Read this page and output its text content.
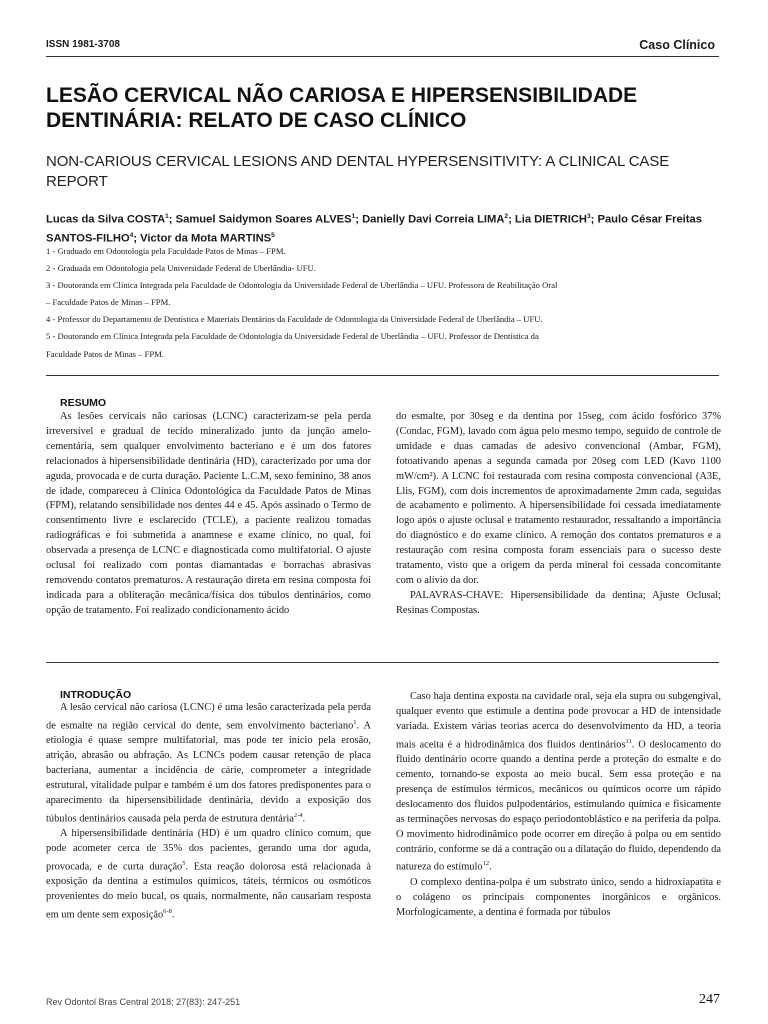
ISSN 1981-3708	Caso Clínico
LESÃO CERVICAL NÃO CARIOSA E HIPERSENSIBILIDADE DENTINÁRIA: RELATO DE CASO CLÍNICO
NON-CARIOUS CERVICAL LESIONS AND DENTAL HYPERSENSITIVITY: A CLINICAL CASE REPORT
Lucas da Silva COSTA$^1$; Samuel Saidymon Soares ALVES$^1$; Danielly Davi Correia LIMA$^2$; Lia DIETRICH$^3$; Paulo César Freitas SANTOS-FILHO$^4$; Victor da Mota MARTINS$^5$
1 - Graduado em Odontologia pela Faculdade Patos de Minas – FPM.
2 - Graduada em Odontologia pela Universidade Federal de Uberlândia- UFU.
3 - Doutoranda em Clínica Integrada pela Faculdade de Odontologia da Universidade Federal de Uberlândia – UFU. Professora de Reabilitação Oral
– Faculdade Patos de Minas – FPM.
4 - Professor do Departamento de Dentística e Materiais Dentários da Faculdade de Odontologia da Universidade Federal de Uberlândia – UFU.
5 - Doutorando em Clínica Integrada pela Faculdade de Odontologia da Universidade Federal de Uberlândia – UFU. Professor de Dentística da
Faculdade Patos de Minas – FPM.
RESUMO

As lesões cervicais não cariosas (LCNC) caracterizam-se pela perda irreversível e gradual de tecido mineralizado junto da junção amelo-cementária, sem qualquer envolvimento bacteriano e é um dos fatores relacionados à hipersensibilidade dentinária (HD), caracterizado por uma dor aguda, provocada e de curta duração. Paciente L.C.M, sexo feminino, 38 anos de idade, compareceu à Clínica Odontológica da Faculdade Patos de Minas (FPM), relatando sensibilidade nos dentes 44 e 45. Após assinado o Termo de consentimento livre e esclarecido (TCLE), a paciente realizou tomadas radiográficas e foi submetida a anamnese e exame clínico, no qual, foi observada a presença de LCNC e diagnosticada como multifatorial. O ajuste oclusal foi realizado com pontas diamantadas e borrachas abrasivas removendo contatos prematuros. A restauração direta em resina composta foi indicada para a obliteração mecânica/física dos túbulos dentinários, como opção de tratamento. Foi realizado condicionamento ácido

do esmalte, por 30seg e da dentina por 15seg, com ácido fosfórico 37% (Condac, FGM), lavado com água pelo mesmo tempo, seguido de controle de umidade e duas camadas de adesivo convencional (Ambar, FGM), fotoativando apenas a segunda camada por 20seg com LED (Kavo 1100 mW/cm²). A LCNC foi restaurada com resina composta convencional (A3E, Llis, FGM), com dois incrementos de aproximadamente 2mm cada, seguidas de acabamento e polimento. A hipersensibilidade foi cessada imediatamente logo após o ajuste oclusal e tratamento restaurador, ressaltando a importância do diagnóstico e do exame clínico. A remoção dos contatos prematuros e a restauração com resina composta foram essenciais para o sucesso deste tratamento, visto que a origem da perda mineral foi cessada concomitante com o alívio da dor.

PALAVRAS-CHAVE: Hipersensibilidade da dentina; Ajuste Oclusal; Resinas Compostas.

INTRODUÇÃO

A lesão cervical não cariosa (LCNC) é uma lesão caracterizada pela perda de esmalte na região cervical do dente, sem envolvimento bacteriano$^1$. A etiologia é quase sempre multifatorial, mas pode ter início pela erosão, atrição, abrasão ou abfração. As LCNCs podem causar retenção de placa bacteriana, aumentar a incidência de cárie, comprometer a integridade estrutural, vitalidade pulpar e também é um dos fatores predisponentes para o aparecimento da hipersensibilidade dentinária, devido a exposição dos túbulos dentinários causada pela perda de estrutura dentária$^{2-4}$.

A hipersensibilidade dentinária (HD) é um quadro clínico comum, que pode acometer cerca de 35% dos pacientes, gerando uma dor aguda, provocada, e de curta duração$^5$. Esta reação dolorosa está relacionada à exposição da dentina a estímulos químicos, táteis, térmicos ou osmóticos provenientes do meio bucal, os quais, normalmente, não causariam resposta em um dente sem exposição$^{6-8}$.

Caso haja dentina exposta na cavidade oral, seja ela supra ou subgengival, qualquer evento que estimule a dentina pode provocar a HD de intensidade variada. Existem várias teorias acerca do desenvolvimento da HD, a teoria mais aceita é a hidrodinâmica dos fluidos dentinários$^{11}$. O deslocamento do fluido dentinário ocorre quando a dentina perde a proteção do esmalte e do cemento, tornando-se exposta ao meio bucal. Sem essa proteção e na presença de estímulos térmicos, mecânicos ou químicos ocorre um rápido deslocamento dos fluidos pulpodentários, estimulando química e fisicamente as terminações nervosas do espaço periodontoblástico e na periferia da polpa. O movimento hidrodinâmico pode ocorrer em direção à polpa ou em sentido contrário, conforme se dá a contração ou a dilatação do fluido, dependendo da natureza do estímulo$^{12}$.

O complexo dentina-polpa é um substrato único, sendo a hidroxiapatita e o colágeno os principais componentes inorgânicos e orgânicos. Morfologicamente, a dentina é formada por túbulos

Rev Odontol Bras Central 2018; 27(83): 247-251	247
